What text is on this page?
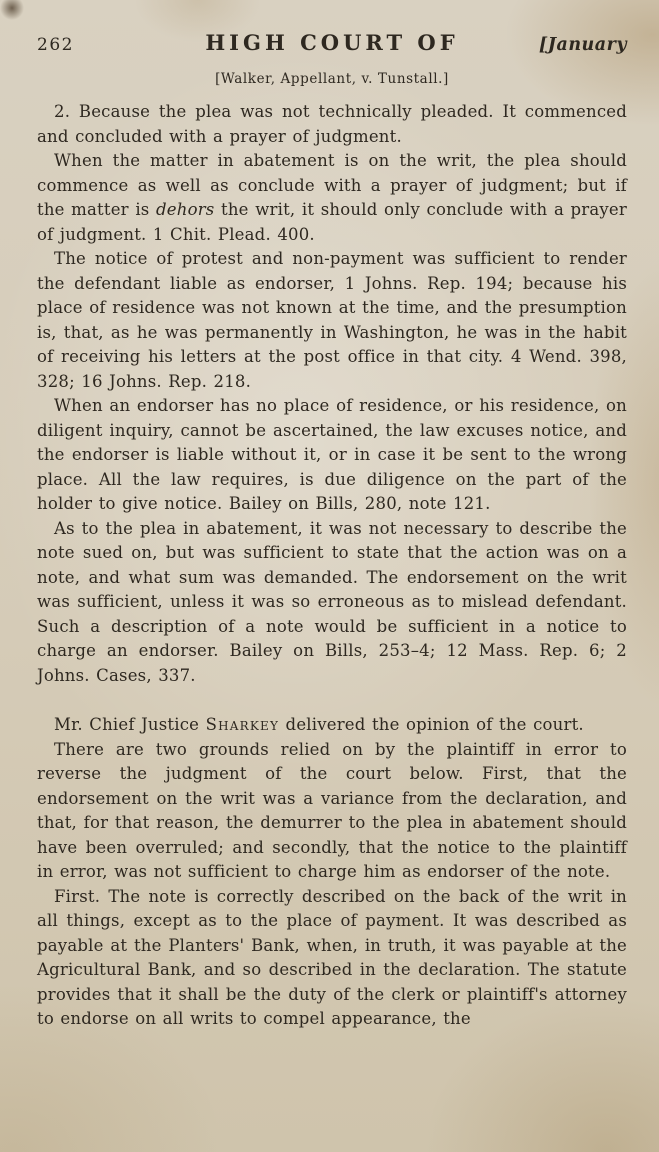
262	HIGH COURT OF	[January
[Walker, Appellant, v. Tunstall.]

2. Because the plea was not technically pleaded. It commenced and concluded with a prayer of judgment.

When the matter in abatement is on the writ, the plea should commence as well as conclude with a prayer of judgment; but if the matter is dehors the writ, it should only conclude with a prayer of judgment. 1 Chit. Plead. 400.

The notice of protest and non-payment was sufficient to render the defendant liable as endorser, 1 Johns. Rep. 194; because his place of residence was not known at the time, and the presumption is, that, as he was permanently in Washington, he was in the habit of receiving his letters at the post office in that city. 4 Wend. 398, 328; 16 Johns. Rep. 218.

When an endorser has no place of residence, or his residence, on diligent inquiry, cannot be ascertained, the law excuses notice, and the endorser is liable without it, or in case it be sent to the wrong place. All the law requires, is due diligence on the part of the holder to give notice. Bailey on Bills, 280, note 121.

As to the plea in abatement, it was not necessary to describe the note sued on, but was sufficient to state that the action was on a note, and what sum was demanded. The endorsement on the writ was sufficient, unless it was so erroneous as to mislead defendant. Such a description of a note would be sufficient in a notice to charge an endorser. Bailey on Bills, 253–4; 12 Mass. Rep. 6; 2 Johns. Cases, 337.

Mr. Chief Justice Sharkey delivered the opinion of the court.

There are two grounds relied on by the plaintiff in error to reverse the judgment of the court below. First, that the endorsement on the writ was a variance from the declaration, and that, for that reason, the demurrer to the plea in abatement should have been overruled; and secondly, that the notice to the plaintiff in error, was not sufficient to charge him as endorser of the note.

First. The note is correctly described on the back of the writ in all things, except as to the place of payment. It was described as payable at the Planters' Bank, when, in truth, it was payable at the Agricultural Bank, and so described in the declaration. The statute provides that it shall be the duty of the clerk or plaintiff's attorney to endorse on all writs to compel appearance, the
